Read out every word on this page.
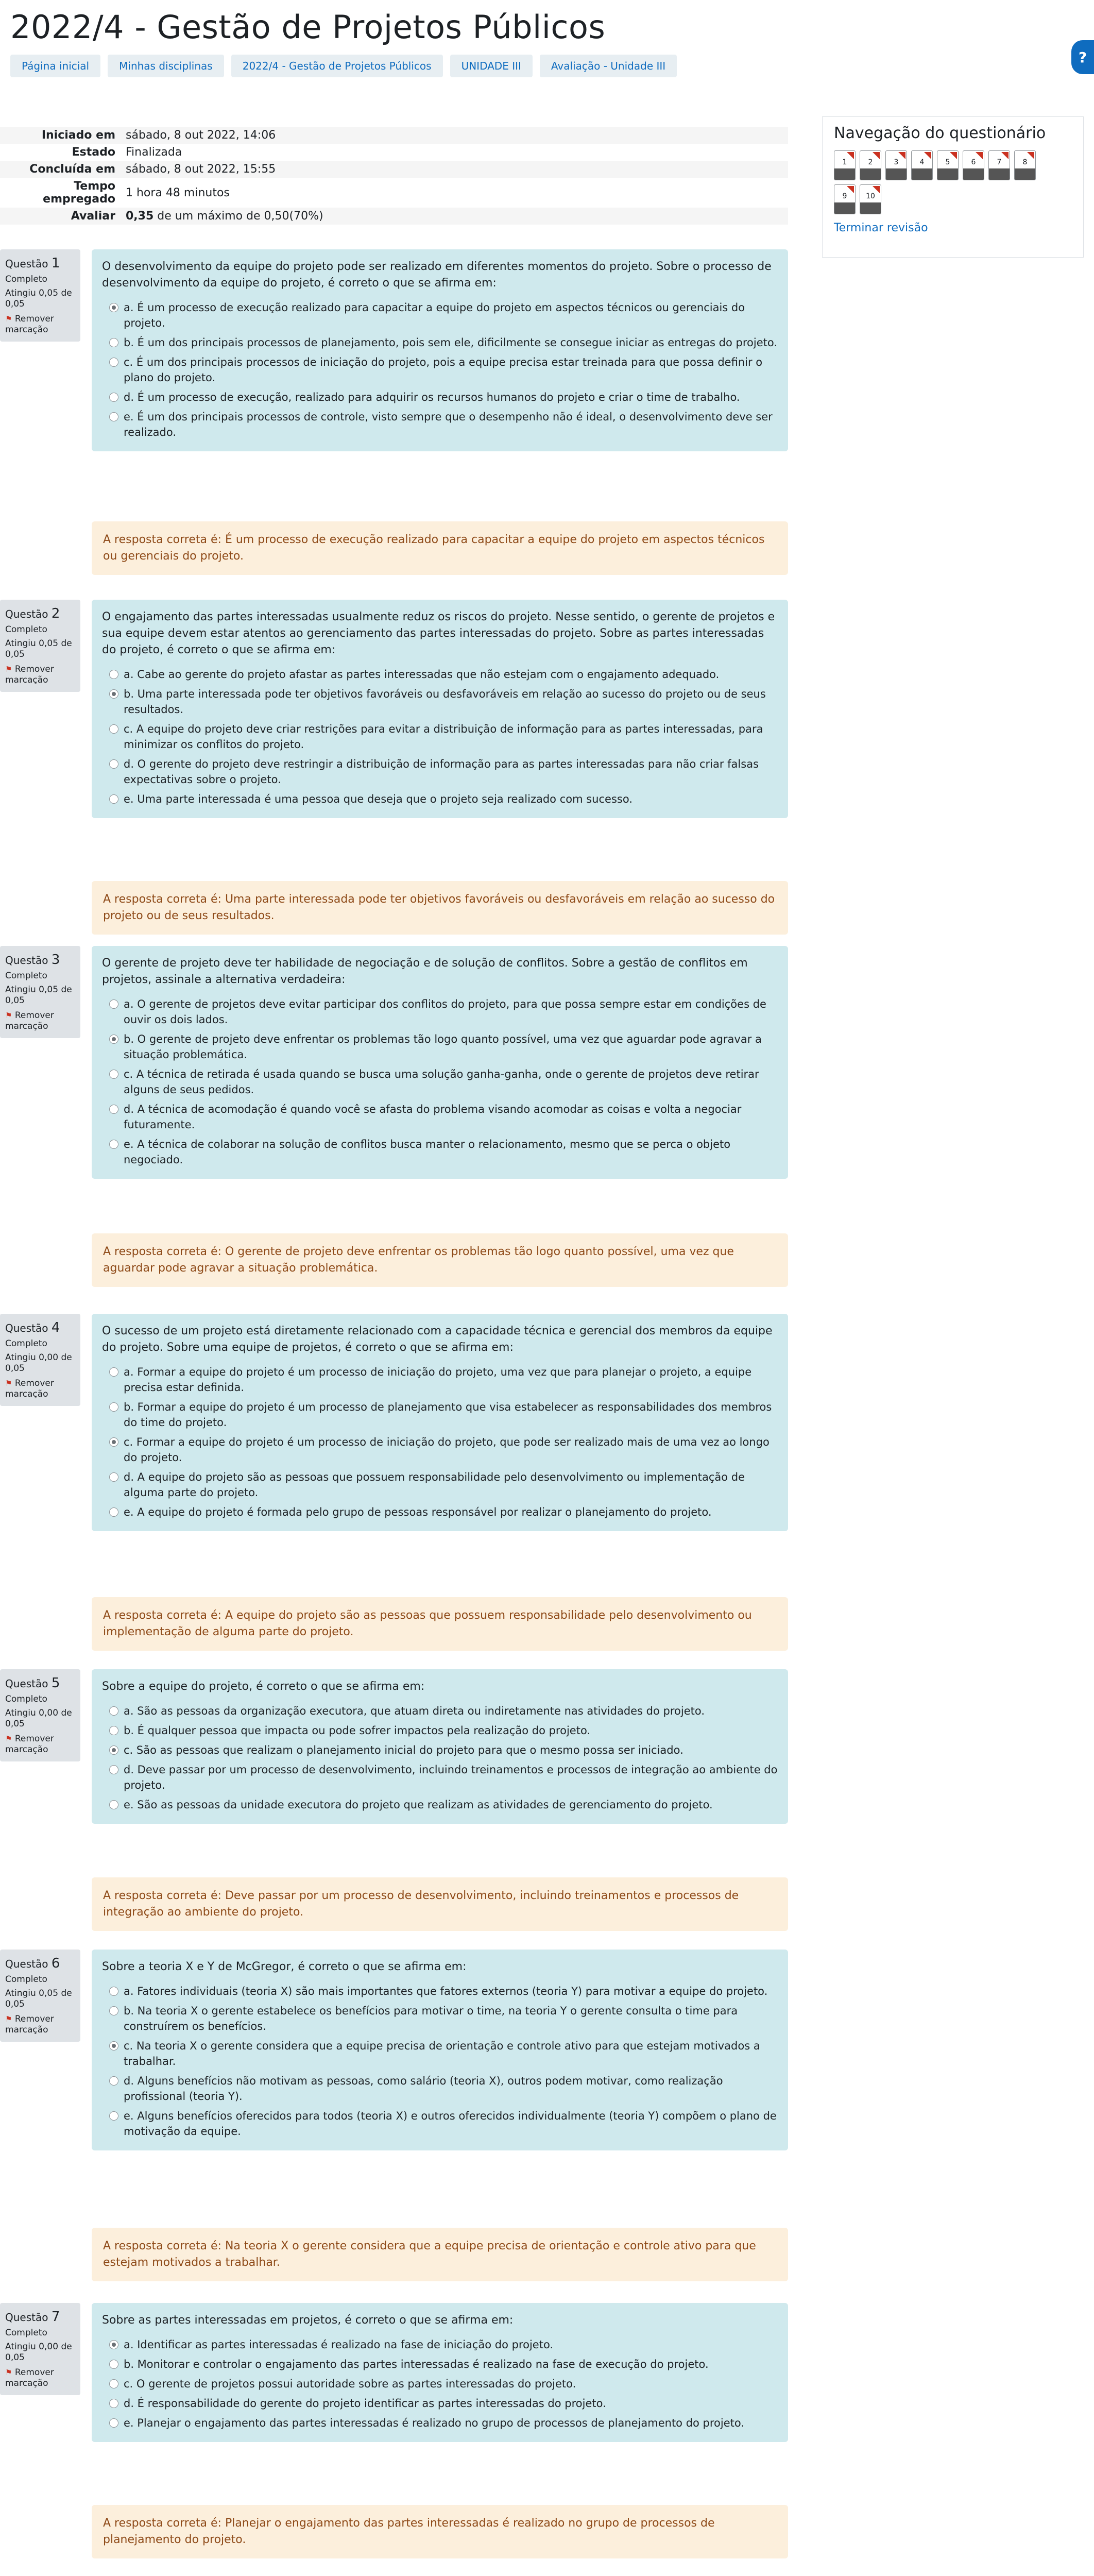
2022/4 - Gestão de Projetos Públicos
Página inicial	Minhas disciplinas	2022/4 - Gestão de Projetos Públicos	UNIDADE III	Avaliação - Unidade III
?
Iniciado em	sábado, 8 out 2022, 14:06
Estado	Finalizada
Concluída em	sábado, 8 out 2022, 15:55
Tempo empregado	1 hora 48 minutos
Avaliar	0,35 de um máximo de 0,50(70%)
Navegação do questionário
1	2	3	4	5	6	7	8
9	10
Terminar revisão
Questão 1
Completo
Atingiu 0,05 de 0,05
⚑ Remover marcação
O desenvolvimento da equipe do projeto pode ser realizado em diferentes momentos do projeto. Sobre o processo de desenvolvimento da equipe do projeto, é correto o que se afirma em:
a. É um processo de execução realizado para capacitar a equipe do projeto em aspectos técnicos ou gerenciais do projeto.
b. É um dos principais processos de planejamento, pois sem ele, dificilmente se consegue iniciar as entregas do projeto.
c. É um dos principais processos de iniciação do projeto, pois a equipe precisa estar treinada para que possa definir o plano do projeto.
d. É um processo de execução, realizado para adquirir os recursos humanos do projeto e criar o time de trabalho.
e. É um dos principais processos de controle, visto sempre que o desempenho não é ideal, o desenvolvimento deve ser realizado.
A resposta correta é: É um processo de execução realizado para capacitar a equipe do projeto em aspectos técnicos ou gerenciais do projeto.
Questão 2
Completo
Atingiu 0,05 de 0,05
⚑ Remover marcação
O engajamento das partes interessadas usualmente reduz os riscos do projeto. Nesse sentido, o gerente de projetos e sua equipe devem estar atentos ao gerenciamento das partes interessadas do projeto. Sobre as partes interessadas do projeto, é correto o que se afirma em:
a. Cabe ao gerente do projeto afastar as partes interessadas que não estejam com o engajamento adequado.
b. Uma parte interessada pode ter objetivos favoráveis ou desfavoráveis em relação ao sucesso do projeto ou de seus resultados.
c. A equipe do projeto deve criar restrições para evitar a distribuição de informação para as partes interessadas, para minimizar os conflitos do projeto.
d. O gerente do projeto deve restringir a distribuição de informação para as partes interessadas para não criar falsas expectativas sobre o projeto.
e. Uma parte interessada é uma pessoa que deseja que o projeto seja realizado com sucesso.
A resposta correta é: Uma parte interessada pode ter objetivos favoráveis ou desfavoráveis em relação ao sucesso do projeto ou de seus resultados.
Questão 3
Completo
Atingiu 0,05 de 0,05
⚑ Remover marcação
O gerente de projeto deve ter habilidade de negociação e de solução de conflitos. Sobre a gestão de conflitos em projetos, assinale a alternativa verdadeira:
a. O gerente de projetos deve evitar participar dos conflitos do projeto, para que possa sempre estar em condições de ouvir os dois lados.
b. O gerente de projeto deve enfrentar os problemas tão logo quanto possível, uma vez que aguardar pode agravar a situação problemática.
c. A técnica de retirada é usada quando se busca uma solução ganha-ganha, onde o gerente de projetos deve retirar alguns de seus pedidos.
d. A técnica de acomodação é quando você se afasta do problema visando acomodar as coisas e volta a negociar futuramente.
e. A técnica de colaborar na solução de conflitos busca manter o relacionamento, mesmo que se perca o objeto negociado.
A resposta correta é: O gerente de projeto deve enfrentar os problemas tão logo quanto possível, uma vez que aguardar pode agravar a situação problemática.
Questão 4
Completo
Atingiu 0,00 de 0,05
⚑ Remover marcação
O sucesso de um projeto está diretamente relacionado com a capacidade técnica e gerencial dos membros da equipe do projeto. Sobre uma equipe de projetos, é correto o que se afirma em:
a. Formar a equipe do projeto é um processo de iniciação do projeto, uma vez que para planejar o projeto, a equipe precisa estar definida.
b. Formar a equipe do projeto é um processo de planejamento que visa estabelecer as responsabilidades dos membros do time do projeto.
c. Formar a equipe do projeto é um processo de iniciação do projeto, que pode ser realizado mais de uma vez ao longo do projeto.
d. A equipe do projeto são as pessoas que possuem responsabilidade pelo desenvolvimento ou implementação de alguma parte do projeto.
e. A equipe do projeto é formada pelo grupo de pessoas responsável por realizar o planejamento do projeto.
A resposta correta é: A equipe do projeto são as pessoas que possuem responsabilidade pelo desenvolvimento ou implementação de alguma parte do projeto.
Questão 5
Completo
Atingiu 0,00 de 0,05
⚑ Remover marcação
Sobre a equipe do projeto, é correto o que se afirma em:
a. São as pessoas da organização executora, que atuam direta ou indiretamente nas atividades do projeto.
b. É qualquer pessoa que impacta ou pode sofrer impactos pela realização do projeto.
c. São as pessoas que realizam o planejamento inicial do projeto para que o mesmo possa ser iniciado.
d. Deve passar por um processo de desenvolvimento, incluindo treinamentos e processos de integração ao ambiente do projeto.
e. São as pessoas da unidade executora do projeto que realizam as atividades de gerenciamento do projeto.
A resposta correta é: Deve passar por um processo de desenvolvimento, incluindo treinamentos e processos de integração ao ambiente do projeto.
Questão 6
Completo
Atingiu 0,05 de 0,05
⚑ Remover marcação
Sobre a teoria X e Y de McGregor, é correto o que se afirma em:
a. Fatores individuais (teoria X) são mais importantes que fatores externos (teoria Y) para motivar a equipe do projeto.
b. Na teoria X o gerente estabelece os benefícios para motivar o time, na teoria Y o gerente consulta o time para construírem os benefícios.
c. Na teoria X o gerente considera que a equipe precisa de orientação e controle ativo para que estejam motivados a trabalhar.
d. Alguns benefícios não motivam as pessoas, como salário (teoria X), outros podem motivar, como realização profissional (teoria Y).
e. Alguns benefícios oferecidos para todos (teoria X) e outros oferecidos individualmente (teoria Y) compõem o plano de motivação da equipe.
A resposta correta é: Na teoria X o gerente considera que a equipe precisa de orientação e controle ativo para que estejam motivados a trabalhar.
Questão 7
Completo
Atingiu 0,00 de 0,05
⚑ Remover marcação
Sobre as partes interessadas em projetos, é correto o que se afirma em:
a. Identificar as partes interessadas é realizado na fase de iniciação do projeto.
b. Monitorar e controlar o engajamento das partes interessadas é realizado na fase de execução do projeto.
c. O gerente de projetos possui autoridade sobre as partes interessadas do projeto.
d. É responsabilidade do gerente do projeto identificar as partes interessadas do projeto.
e. Planejar o engajamento das partes interessadas é realizado no grupo de processos de planejamento do projeto.
A resposta correta é: Planejar o engajamento das partes interessadas é realizado no grupo de processos de planejamento do projeto.
